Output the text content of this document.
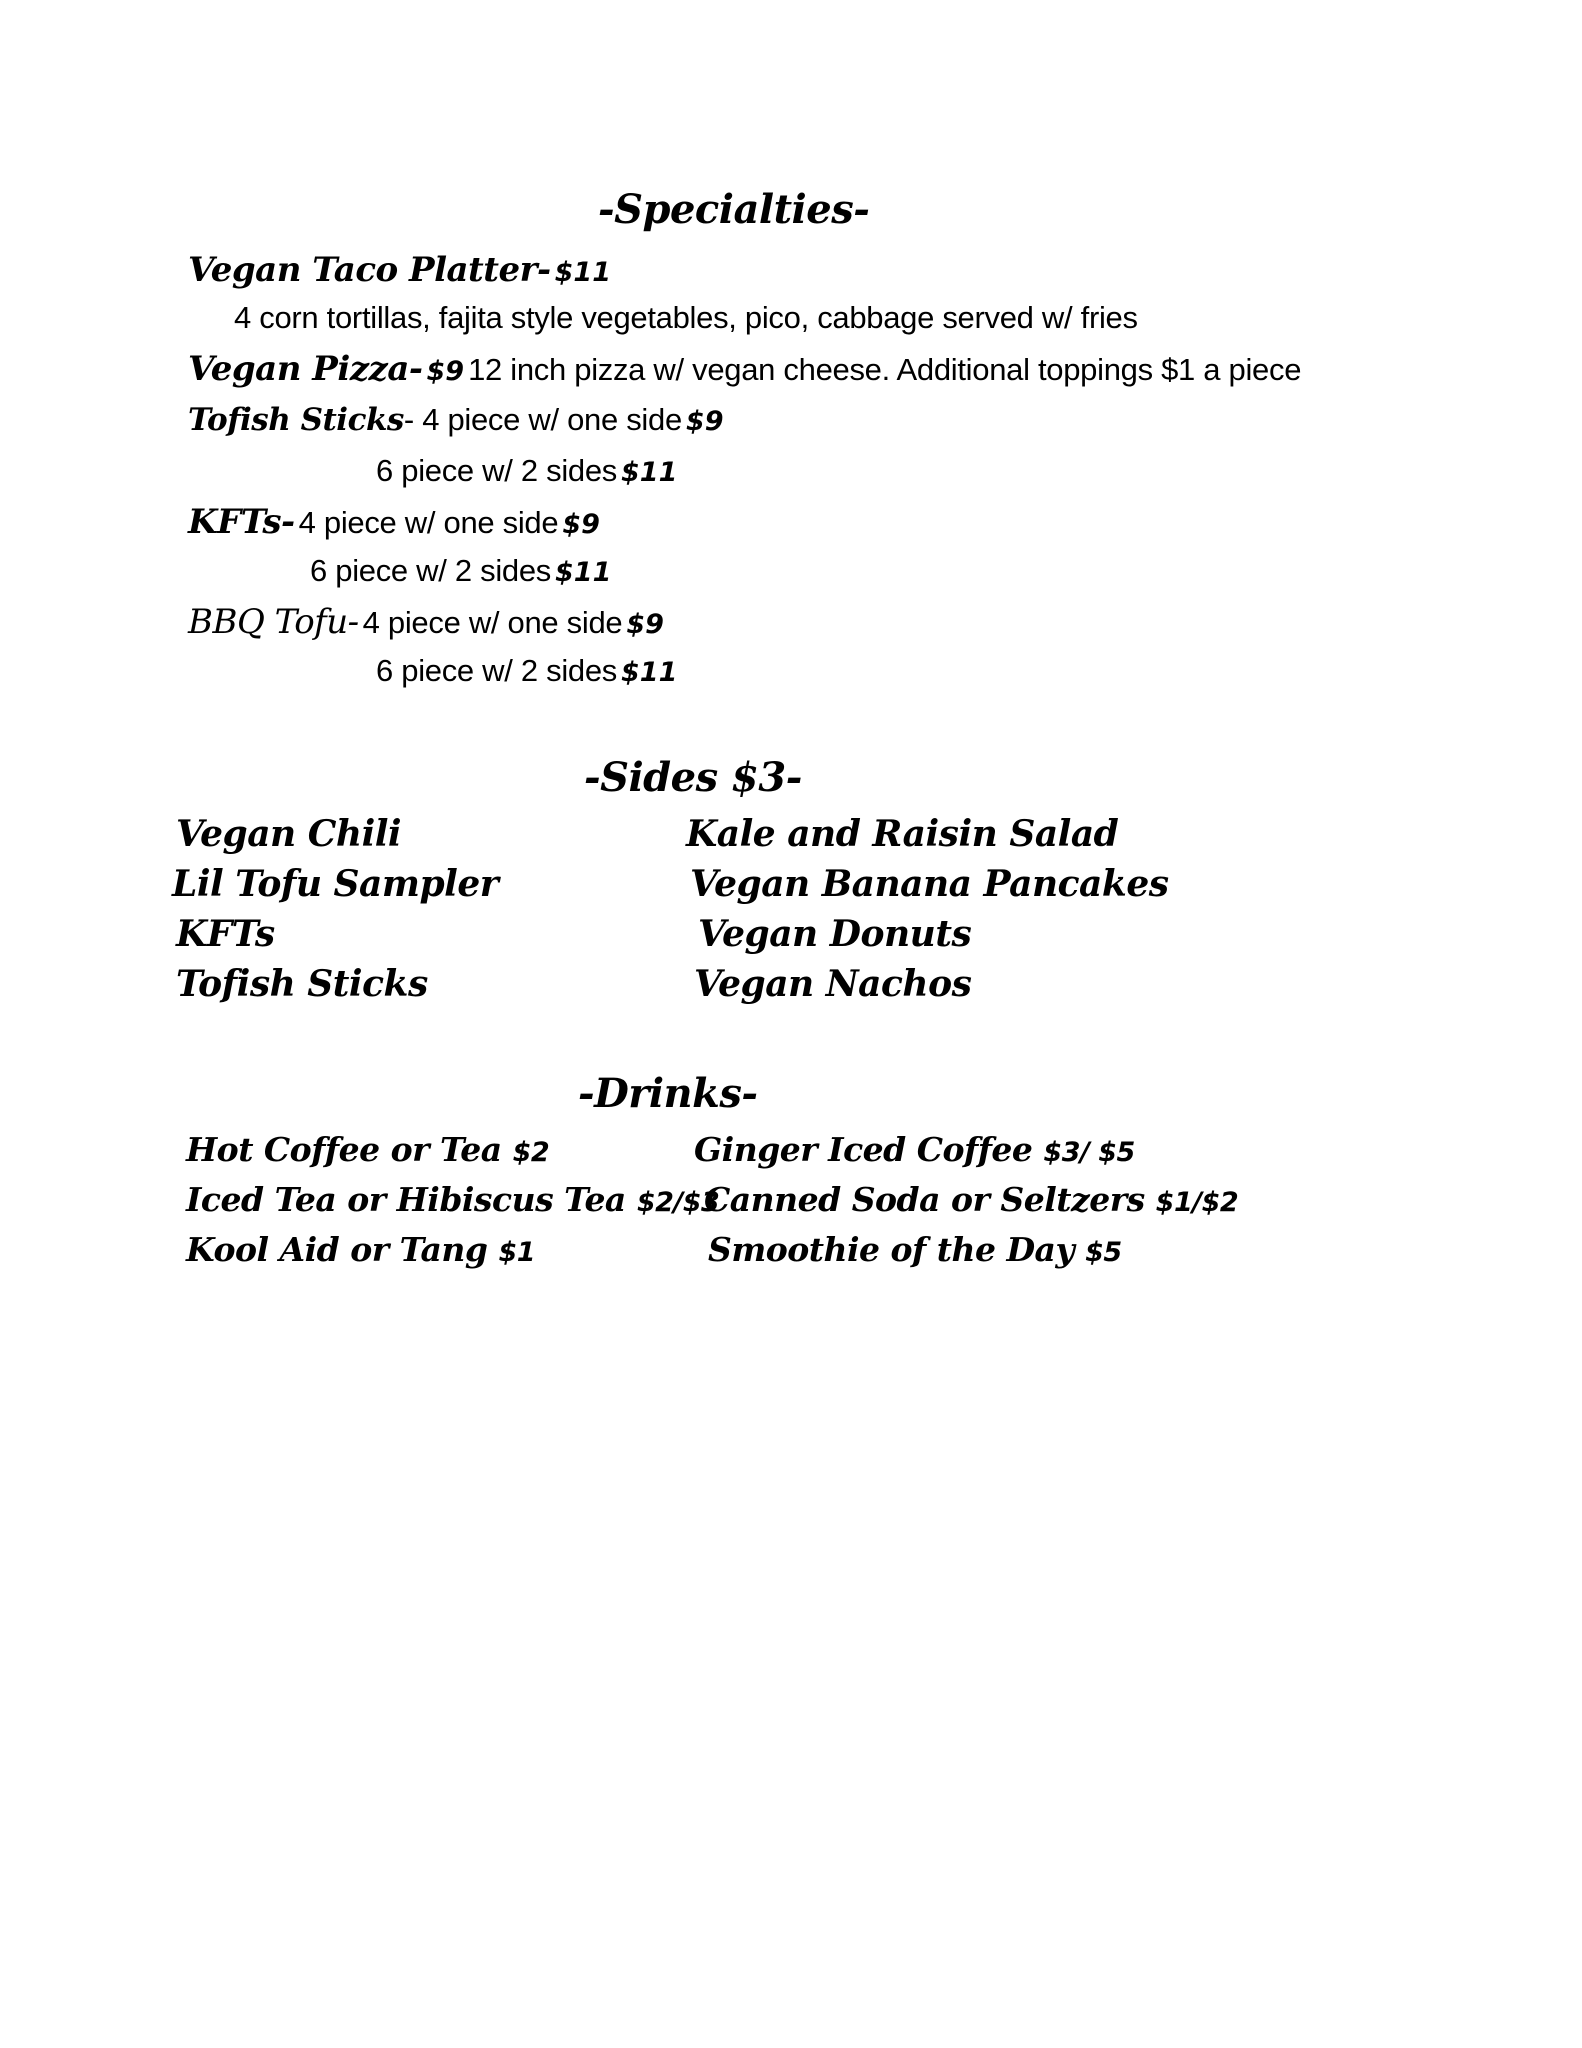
-Specialties-
Vegan Taco Platter- $11
4 corn tortillas, fajita style vegetables, pico, cabbage served w/ fries
Vegan Pizza- $9 12 inch pizza w/ vegan cheese. Additional toppings $1 a piece
Tofish Sticks- 4 piece w/ one side $9
6 piece w/ 2 sides $11
KFTs- 4 piece w/ one side $9
6 piece w/ 2 sides $11
BBQ Tofu- 4 piece w/ one side $9
6 piece w/ 2 sides $11
-Sides $3-
Vegan Chili
Lil Tofu Sampler
KFTs
Tofish Sticks
Kale and Raisin Salad
Vegan Banana Pancakes
Vegan Donuts
Vegan Nachos
-Drinks-
Hot Coffee or Tea $2	Ginger Iced Coffee $3/ $5
Iced Tea or Hibiscus Tea $2/$3
Canned Soda or Seltzers $1/$2
Kool Aid or Tang $1	Smoothie of the Day $5
